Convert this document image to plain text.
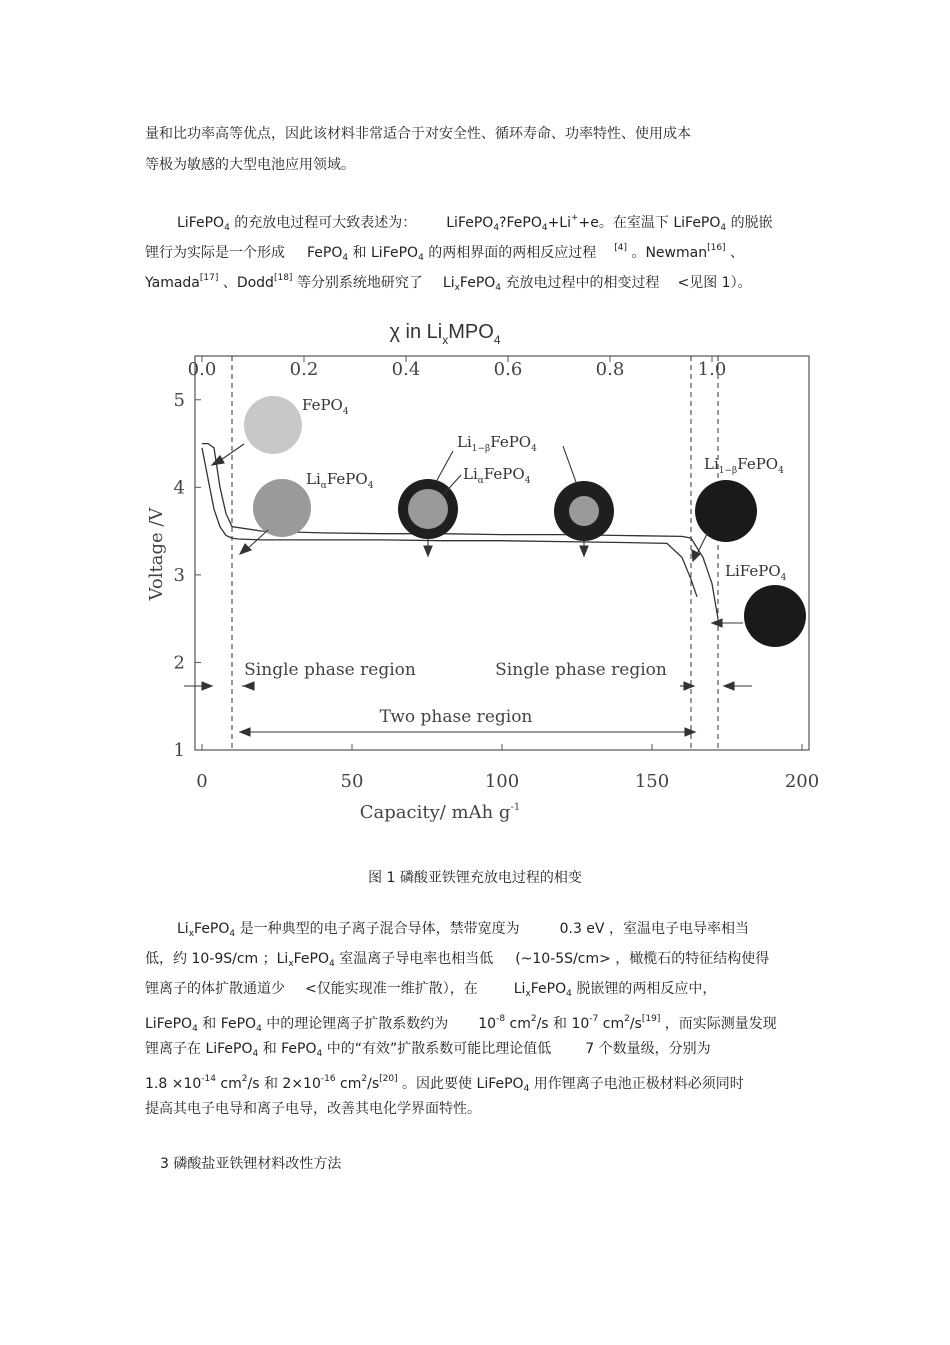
量和比功率高等优点，因此该材料非常适合于对安全性、循环寿命、功率特性、使用成本
等极为敏感的大型电池应用领域。
LiFePO$_4$ 的充放电过程可大致表述为： LiFePO$_4$?FePO$_4$+Li++e。在室温下 LiFePO$_4$ 的脱嵌
锂行为实际是一个形成 FePO$_4$ 和 LiFePO$_4$ 的两相界面的两相反应过程 [4] 。Newman[16] 、
Yamada[17] 、Dodd[18] 等分别系统地研究了 $Li_xFePO_4$ 充放电过程中的相变过程 <见图 1）。
χ in $Li_xMPO_4$
0	50	100	150	200
0.0	0.2	0.4	0.6	0.8	1.0
1
2
3
4
5	FePO$_4$
$Li_\alpha FePO_4$
$Li_{1-\beta}FePO_4$
$Li_\alpha FePO_4$
$Li_{1-\beta}FePO_4$
LiFePO$_4$
Single phase region	Single phase region
Two phase region
Capacity/ mAh $g^{-1}$
Voltage /V
图 1 磷酸亚铁锂充放电过程的相变
$Li_xFePO_4$ 是一种典型的电子离子混合导体，禁带宽度为	0.3 eV ，室温电子电导率相当
低，约 10-9S/cm ；$Li_xFePO_4$ 室温离子导电率也相当低 (~10-5S/cm> ，橄榄石的特征结构使得
锂离子的体扩散通道少 <仅能实现准一维扩散），在	$Li_xFePO_4$ 脱嵌锂的两相反应中，
LiFePO$_4$ 和 FePO$_4$ 中的理论锂离子扩散系数约为 $10^{-8}$ $cm^2/s$ 和 $10^{-7}$ $cm^2/s[19]$ ，而实际测量发现
锂离子在 LiFePO$_4$ 和 FePO$_4$ 中的“有效”扩散系数可能比理论值低 7 个数量级，分别为
$1.8 \times 10^{-14}$ $cm^2/s$ 和 $2\times 10^{-16}$ $cm^2/s[20]$ 。因此要使 LiFePO$_4$ 用作锂离子电池正极材料必须同时
提高其电子电导和离子电导，改善其电化学界面特性。
3 磷酸盐亚铁锂材料改性方法
